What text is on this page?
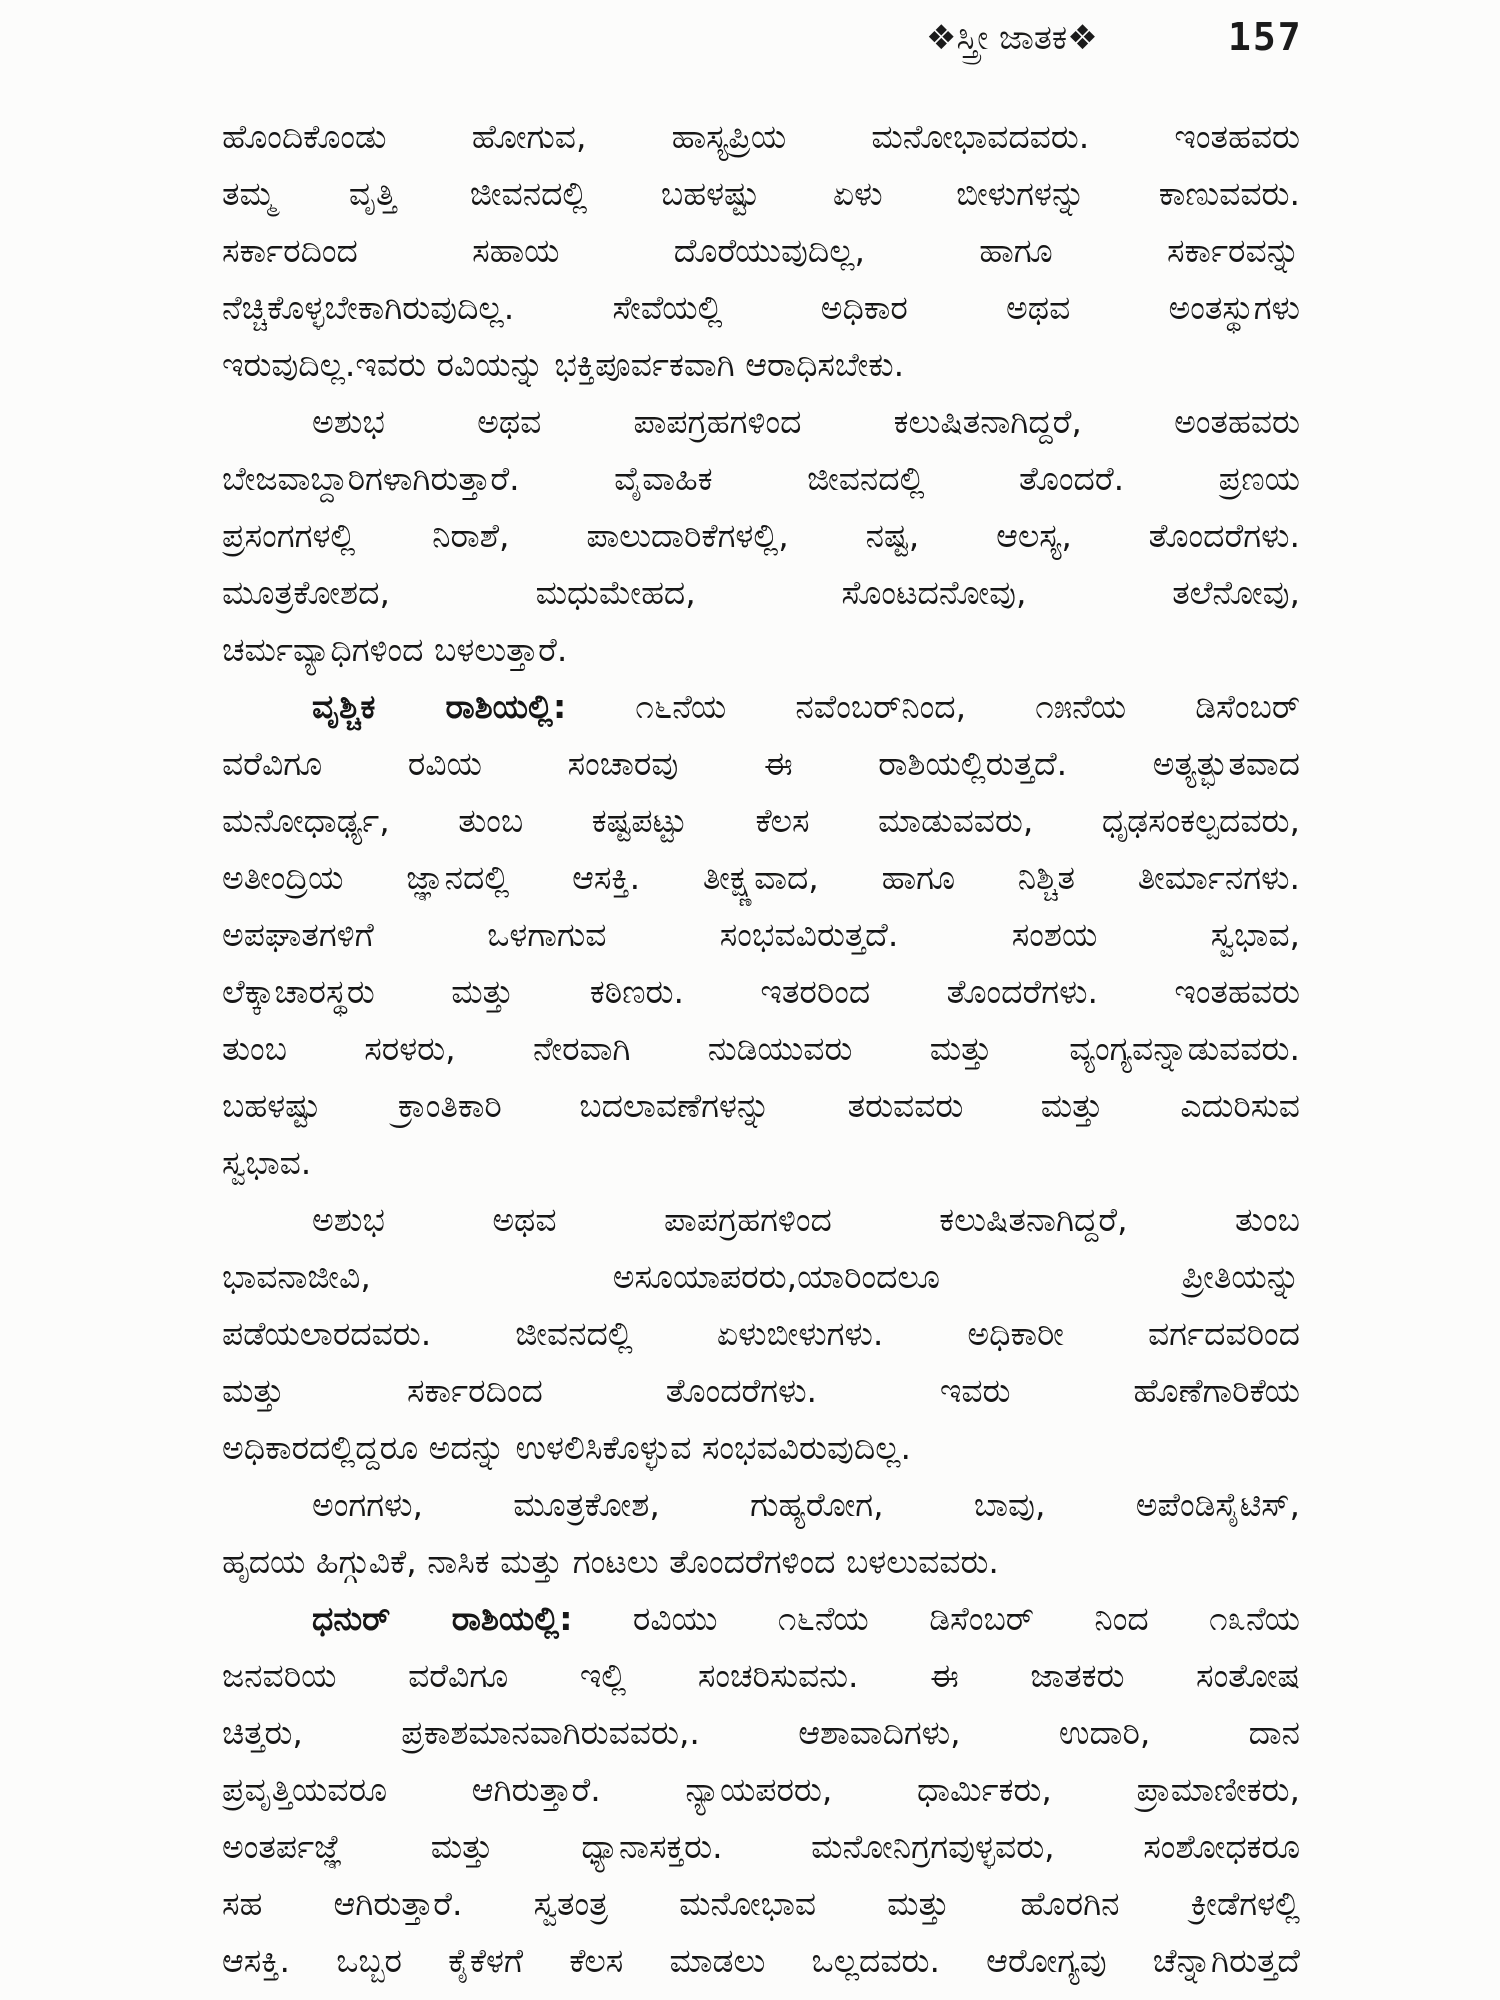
❖ಸ್ತ್ರೀ ಜಾತಕ❖	157
ಹೊಂದಿಕೊಂಡು ಹೋಗುವ, ಹಾಸ್ಯಪ್ರಿಯ ಮನೋಭಾವದವರು. ಇಂತಹವರು
ತಮ್ಮ ವೃತ್ತಿ ಜೀವನದಲ್ಲಿ ಬಹಳಷ್ಟು ಏಳು ಬೀಳುಗಳನ್ನು ಕಾಣುವವರು.
ಸರ್ಕಾರದಿಂದ ಸಹಾಯ ದೊರೆಯುವುದಿಲ್ಲ, ಹಾಗೂ ಸರ್ಕಾರವನ್ನು
ನೆಚ್ಚಿಕೊಳ್ಳಬೇಕಾಗಿರುವುದಿಲ್ಲ. ಸೇವೆಯಲ್ಲಿ ಅಧಿಕಾರ ಅಥವ ಅಂತಸ್ಥುಗಳು
ಇರುವುದಿಲ್ಲ.ಇವರು ರವಿಯನ್ನು ಭಕ್ತಿಪೂರ್ವಕವಾಗಿ ಆರಾಧಿಸಬೇಕು.
ಅಶುಭ ಅಥವ ಪಾಪಗ್ರಹಗಳಿಂದ ಕಲುಷಿತನಾಗಿದ್ದರೆ, ಅಂತಹವರು
ಬೇಜವಾಬ್ದಾರಿಗಳಾಗಿರುತ್ತಾರೆ. ವೈವಾಹಿಕ ಜೀವನದಲ್ಲಿ ತೊಂದರೆ. ಪ್ರಣಯ
ಪ್ರಸಂಗಗಳಲ್ಲಿ ನಿರಾಶೆ, ಪಾಲುದಾರಿಕೆಗಳಲ್ಲಿ, ನಷ್ಟ, ಆಲಸ್ಯ, ತೊಂದರೆಗಳು.
ಮೂತ್ರಕೋಶದ, ಮಧುಮೇಹದ, ಸೊಂಟದನೋವು, ತಲೆನೋವು,
ಚರ್ಮವ್ಯಾಧಿಗಳಿಂದ ಬಳಲುತ್ತಾರೆ.
ವೃಶ್ಚಿಕ ರಾಶಿಯಲ್ಲಿ: ೧೬ನೆಯ ನವೆಂಬರ್‌ನಿಂದ, ೧೫ನೆಯ ಡಿಸೆಂಬರ್
ವರೆವಿಗೂ ರವಿಯ ಸಂಚಾರವು ಈ ರಾಶಿಯಲ್ಲಿರುತ್ತದೆ. ಅತ್ಯತ್ಭುತವಾದ
ಮನೋಧಾರ್ಢ್ಯ, ತುಂಬ ಕಷ್ಟಪಟ್ಟು ಕೆಲಸ ಮಾಡುವವರು, ಧೃಢಸಂಕಲ್ಪದವರು,
ಅತೀಂದ್ರಿಯ ಜ್ಞಾನದಲ್ಲಿ ಆಸಕ್ತಿ. ತೀಕ್ಷ್ಣವಾದ, ಹಾಗೂ ನಿಶ್ಚಿತ ತೀರ್ಮಾನಗಳು.
ಅಪಘಾತಗಳಿಗೆ ಒಳಗಾಗುವ ಸಂಭವವಿರುತ್ತದೆ. ಸಂಶಯ ಸ್ವಭಾವ,
ಲೆಕ್ಕಾಚಾರಸ್ಥರು ಮತ್ತು ಕಠಿಣರು. ಇತರರಿಂದ ತೊಂದರೆಗಳು. ಇಂತಹವರು
ತುಂಬ ಸರಳರು, ನೇರವಾಗಿ ನುಡಿಯುವರು ಮತ್ತು ವ್ಯಂಗ್ಯವನ್ನಾಡುವವರು.
ಬಹಳಷ್ಟು ಕ್ರಾಂತಿಕಾರಿ ಬದಲಾವಣೆಗಳನ್ನು ತರುವವರು ಮತ್ತು ಎದುರಿಸುವ
ಸ್ವಭಾವ.
ಅಶುಭ ಅಥವ ಪಾಪಗ್ರಹಗಳಿಂದ ಕಲುಷಿತನಾಗಿದ್ದರೆ, ತುಂಬ
ಭಾವನಾಜೀವಿ, ಅಸೂಯಾಪರರು,ಯಾರಿಂದಲೂ ಪ್ರೀತಿಯನ್ನು
ಪಡೆಯಲಾರದವರು. ಜೀವನದಲ್ಲಿ ಏಳುಬೀಳುಗಳು. ಅಧಿಕಾರೀ ವರ್ಗದವರಿಂದ
ಮತ್ತು ಸರ್ಕಾರದಿಂದ ತೊಂದರೆಗಳು. ಇವರು ಹೊಣೆಗಾರಿಕೆಯ
ಅಧಿಕಾರದಲ್ಲಿದ್ದರೂ ಅದನ್ನು ಉಳಲಿಸಿಕೊಳ್ಳುವ ಸಂಭವವಿರುವುದಿಲ್ಲ.
ಅಂಗಗಳು, ಮೂತ್ರಕೋಶ, ಗುಹ್ಯರೋಗ, ಬಾವು, ಅಪೆಂಡಿಸೈಟಿಸ್,
ಹೃದಯ ಹಿಗ್ಗುವಿಕೆ, ನಾಸಿಕ ಮತ್ತು ಗಂಟಲು ತೊಂದರೆಗಳಿಂದ ಬಳಲುವವರು.
ಧನುರ್ ರಾಶಿಯಲ್ಲಿ: ರವಿಯು ೧೬ನೆಯ ಡಿಸೆಂಬರ್ ನಿಂದ ೧೩ನೆಯ
ಜನವರಿಯ ವರೆವಿಗೂ ಇಲ್ಲಿ ಸಂಚರಿಸುವನು. ಈ ಜಾತಕರು ಸಂತೋಷ
ಚಿತ್ತರು, ಪ್ರಕಾಶಮಾನವಾಗಿರುವವರು,. ಆಶಾವಾದಿಗಳು, ಉದಾರಿ, ದಾನ
ಪ್ರವೃತ್ತಿಯವರೂ ಆಗಿರುತ್ತಾರೆ. ನ್ಯಾಯಪರರು, ಧಾರ್ಮಿಕರು, ಪ್ರಾಮಾಣೀಕರು,
ಅಂತರ್ಪಜ್ಞೆ ಮತ್ತು ಧ್ಯಾನಾಸಕ್ತರು. ಮನೋನಿಗ್ರಗವುಳ್ಳವರು, ಸಂಶೋಧಕರೂ
ಸಹ ಆಗಿರುತ್ತಾರೆ. ಸ್ವತಂತ್ರ ಮನೋಭಾವ ಮತ್ತು ಹೊರಗಿನ ಕ್ರೀಡೆಗಳಲ್ಲಿ
ಆಸಕ್ತಿ. ಒಬ್ಬರ ಕೈಕೆಳಗೆ ಕೆಲಸ ಮಾಡಲು ಒಲ್ಲದವರು. ಆರೋಗ್ಯವು ಚೆನ್ನಾಗಿರುತ್ತದೆ
